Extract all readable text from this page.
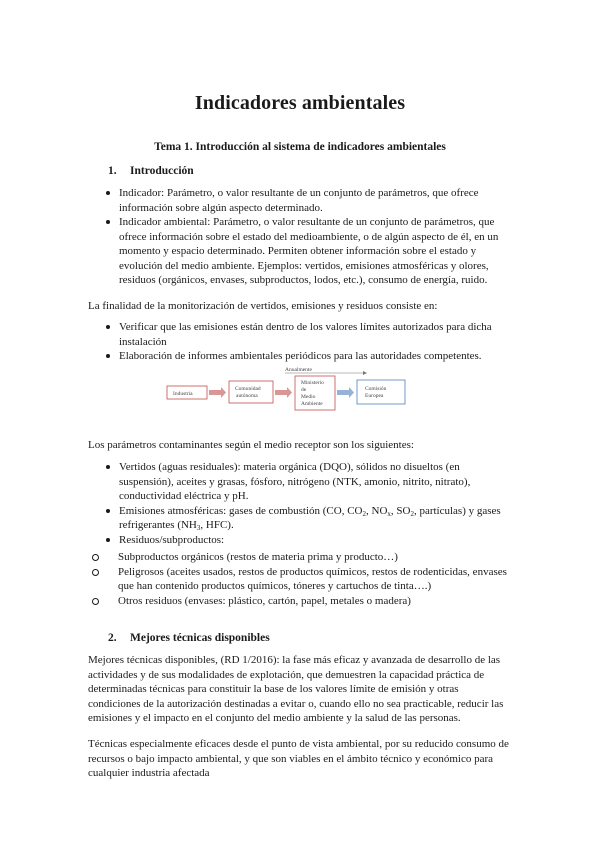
Indicadores ambientales
Tema 1. Introducción al sistema de indicadores ambientales
1. Introducción
Indicador: Parámetro, o valor resultante de un conjunto de parámetros, que ofrece información sobre algún aspecto determinado.
Indicador ambiental: Parámetro, o valor resultante de un conjunto de parámetros, que ofrece información sobre el estado del medioambiente, o de algún aspecto de él, en un momento y espacio determinado. Permiten obtener información sobre el estado y evolución del medio ambiente. Ejemplos: vertidos, emisiones atmosféricas y olores, residuos (orgánicos, envases, subproductos, lodos, etc.), consumo de energía, ruido.

La finalidad de la monitorización de vertidos, emisiones y residuos consiste en:

Verificar que las emisiones están dentro de los valores límites autorizados para dicha instalación
Elaboración de informes ambientales periódicos para las autoridades competentes.
Anualmente
Industria
Comunidad
autónoma
Ministerio
de
Medio
Ambiente
Comisión
Europea

Los parámetros contaminantes según el medio receptor son los siguientes:

Vertidos (aguas residuales): materia orgánica (DQO), sólidos no disueltos (en suspensión), aceites y grasas, fósforo, nitrógeno (NTK, amonio, nitrito, nitrato), conductividad eléctrica y pH.
Emisiones atmosféricas: gases de combustión (CO, $CO_2$, $NO_x$, $SO_2$, partículas) y gases refrigerantes ($NH_3$, HFC).
Residuos/subproductos:
Subproductos orgánicos (restos de materia prima y producto…)
Peligrosos (aceites usados, restos de productos químicos, restos de rodenticidas, envases que han contenido productos químicos, tóneres y cartuchos de tinta….)
Otros residuos (envases: plástico, cartón, papel, metales o madera)
2. Mejores técnicas disponibles

Mejores técnicas disponibles, (RD 1/2016): la fase más eficaz y avanzada de desarrollo de las actividades y de sus modalidades de explotación, que demuestren la capacidad práctica de determinadas técnicas para constituir la base de los valores límite de emisión y otras condiciones de la autorización destinadas a evitar o, cuando ello no sea practicable, reducir las emisiones y el impacto en el conjunto del medio ambiente y la salud de las personas.

Técnicas especialmente eficaces desde el punto de vista ambiental, por su reducido consumo de recursos o bajo impacto ambiental, y que son viables en el ámbito técnico y económico para cualquier industria afectada
